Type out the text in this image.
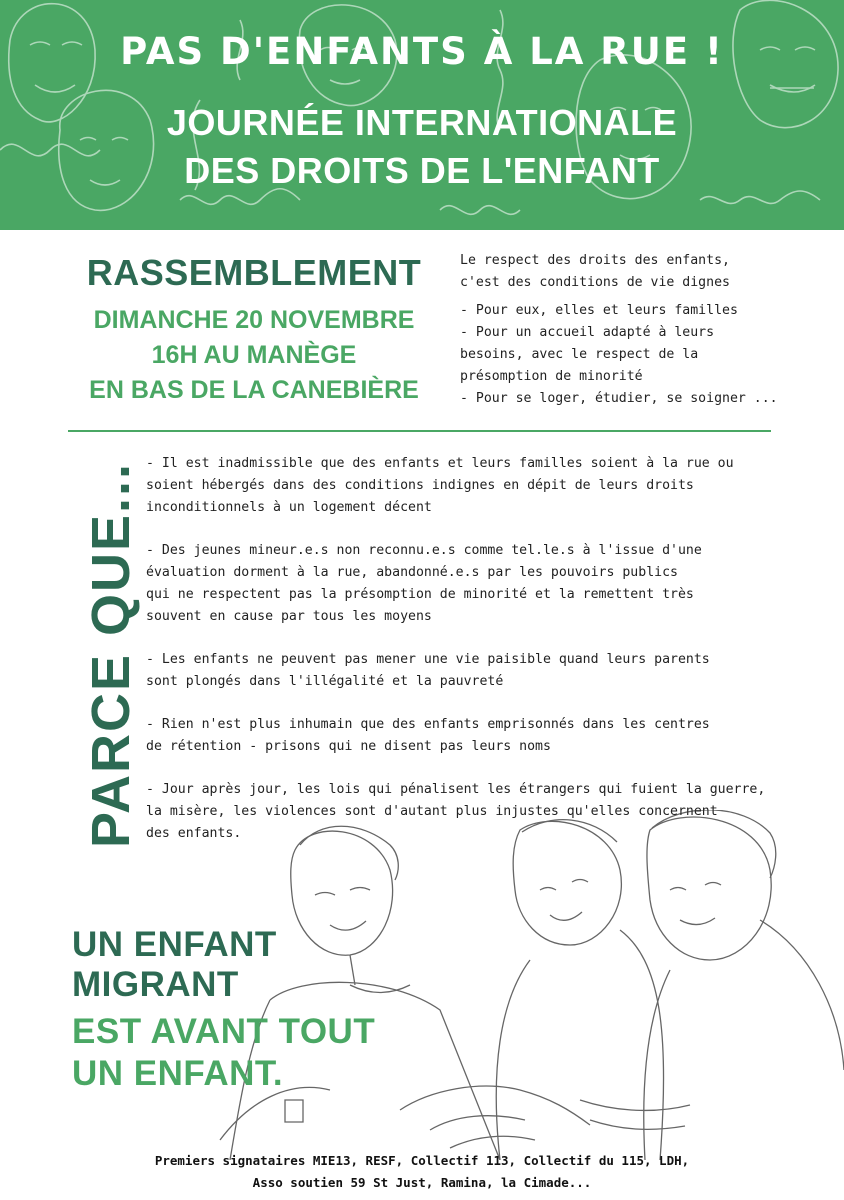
PAS D'ENFANTS À LA RUE !
JOURNÉE INTERNATIONALE
DES DROITS DE L'ENFANT
RASSEMBLEMENT
DIMANCHE 20 NOVEMBRE
16H AU MANÈGE
EN BAS DE LA CANEBIÈRE
Le respect des droits des enfants,
c'est des conditions de vie dignes
- Pour eux, elles et leurs familles
- Pour un accueil adapté à leurs
besoins, avec le respect de la
présomption de minorité
- Pour se loger, étudier, se soigner ...
PARCE QUE... - Il est inadmissible que des enfants et leurs familles soient à la rue ou
soient hébergés dans des conditions indignes en dépit de leurs droits
inconditionnels à un logement décent
- Des jeunes mineur.e.s non reconnu.e.s comme tel.le.s à l'issue d'une
évaluation dorment à la rue, abandonné.e.s par les pouvoirs publics
qui ne respectent pas la présomption de minorité et la remettent très
souvent en cause par tous les moyens
- Les enfants ne peuvent pas mener une vie paisible quand leurs parents
sont plongés dans l'illégalité et la pauvreté
- Rien n'est plus inhumain que des enfants emprisonnés dans les centres
de rétention - prisons qui ne disent pas leurs noms
- Jour après jour, les lois qui pénalisent les étrangers qui fuient la guerre,
la misère, les violences sont d'autant plus injustes qu'elles concernent
des enfants.
UN ENFANT
MIGRANT
EST AVANT TOUT
UN ENFANT.
Premiers signataires MIE13, RESF, Collectif 113, Collectif du 115, LDH,
Asso soutien 59 St Just, Ramina, la Cimade...
